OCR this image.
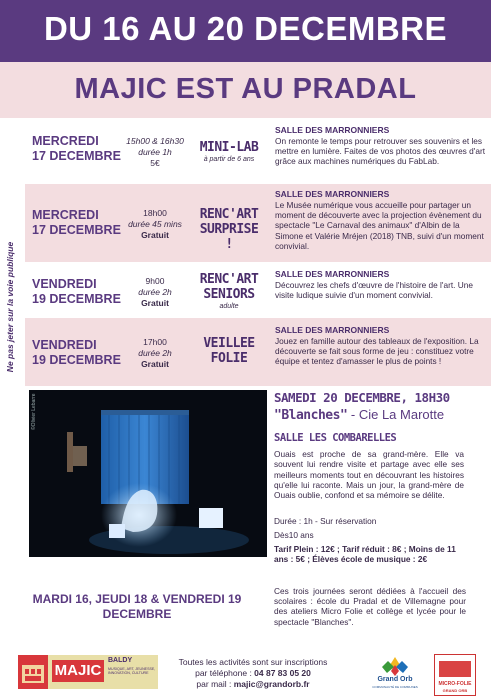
DU 16 AU 20 DECEMBRE
MAJIC EST AU PRADAL
Ne pas jeter sur la voie publique
MERCREDI
17 DECEMBRE
15h00 & 16h30
durée 1h
5€
MINI-LAB
à partir de 6 ans
SALLE DES MARRONNIERS
On remonte le temps pour retrouver ses souvenirs et les mettre en lumière. Faites de vos photos des œuvres d'art grâce aux machines numériques du FabLab.
MERCREDI
17 DECEMBRE
18h00
durée 45 mins
Gratuit
RENC'ART SURPRISE !
SALLE DES MARRONNIERS
Le Musée numérique vous accueille pour partager un moment de découverte avec la projection évènement du spectacle "Le Carnaval des animaux" d'Albin de la Simone et Valérie Mréjen (2018) TNB, suivi d'un moment convivial.
VENDREDI
19 DECEMBRE
9h00
durée 2h
Gratuit
RENC'ART SENIORS
adulte
SALLE DES MARRONNIERS
Découvrez les chefs d'œuvre de l'histoire de l'art. Une visite ludique suivie d'un moment convivial.
VENDREDI
19 DECEMBRE
17h00
durée 2h
Gratuit
VEILLEE FOLIE
SALLE DES MARRONNIERS
Jouez en famille autour des tableaux de l'exposition. La découverte se fait sous forme de jeu : constituez votre équipe et tentez d'amasser le plus de points !
©Olivier Lebarre	SAMEDI 20 DECEMBRE, 18H30
"Blanches" - Cie La Marotte
SALLE LES COMBARELLES
Ouais est proche de sa grand-mère. Elle va souvent lui rendre visite et partage avec elle ses meilleurs moments tout en découvrant les histoires qu'elle lui raconte. Mais un jour, la grand-mère de Ouais oublie, confond et sa mémoire se délite.
Durée : 1h - Sur réservation
Dès10 ans
Tarif Plein : 12€ ; Tarif réduit : 8€ ; Moins de 11 ans : 5€ ; Élèves école de musique : 2€
MARDI 16, JEUDI 18 & VENDREDI 19 DECEMBRE
Ces trois journées seront dédiées à l'accueil des scolaires : école du Pradal et de Villemagne pour des ateliers Micro Folie et collège et lycée pour le spectacle "Blanches".
MAJIC
BALDY
MUSIQUE, ART, JEUNESSE, INNOVATION, CULTURE
Toutes les activités sont sur inscriptions
par téléphone : 04 87 83 05 20
par mail : majic@grandorb.fr	Grand Orb
COMMUNAUTÉ DE COMMUNES	MICRO-FOLIE
GRAND ORB
